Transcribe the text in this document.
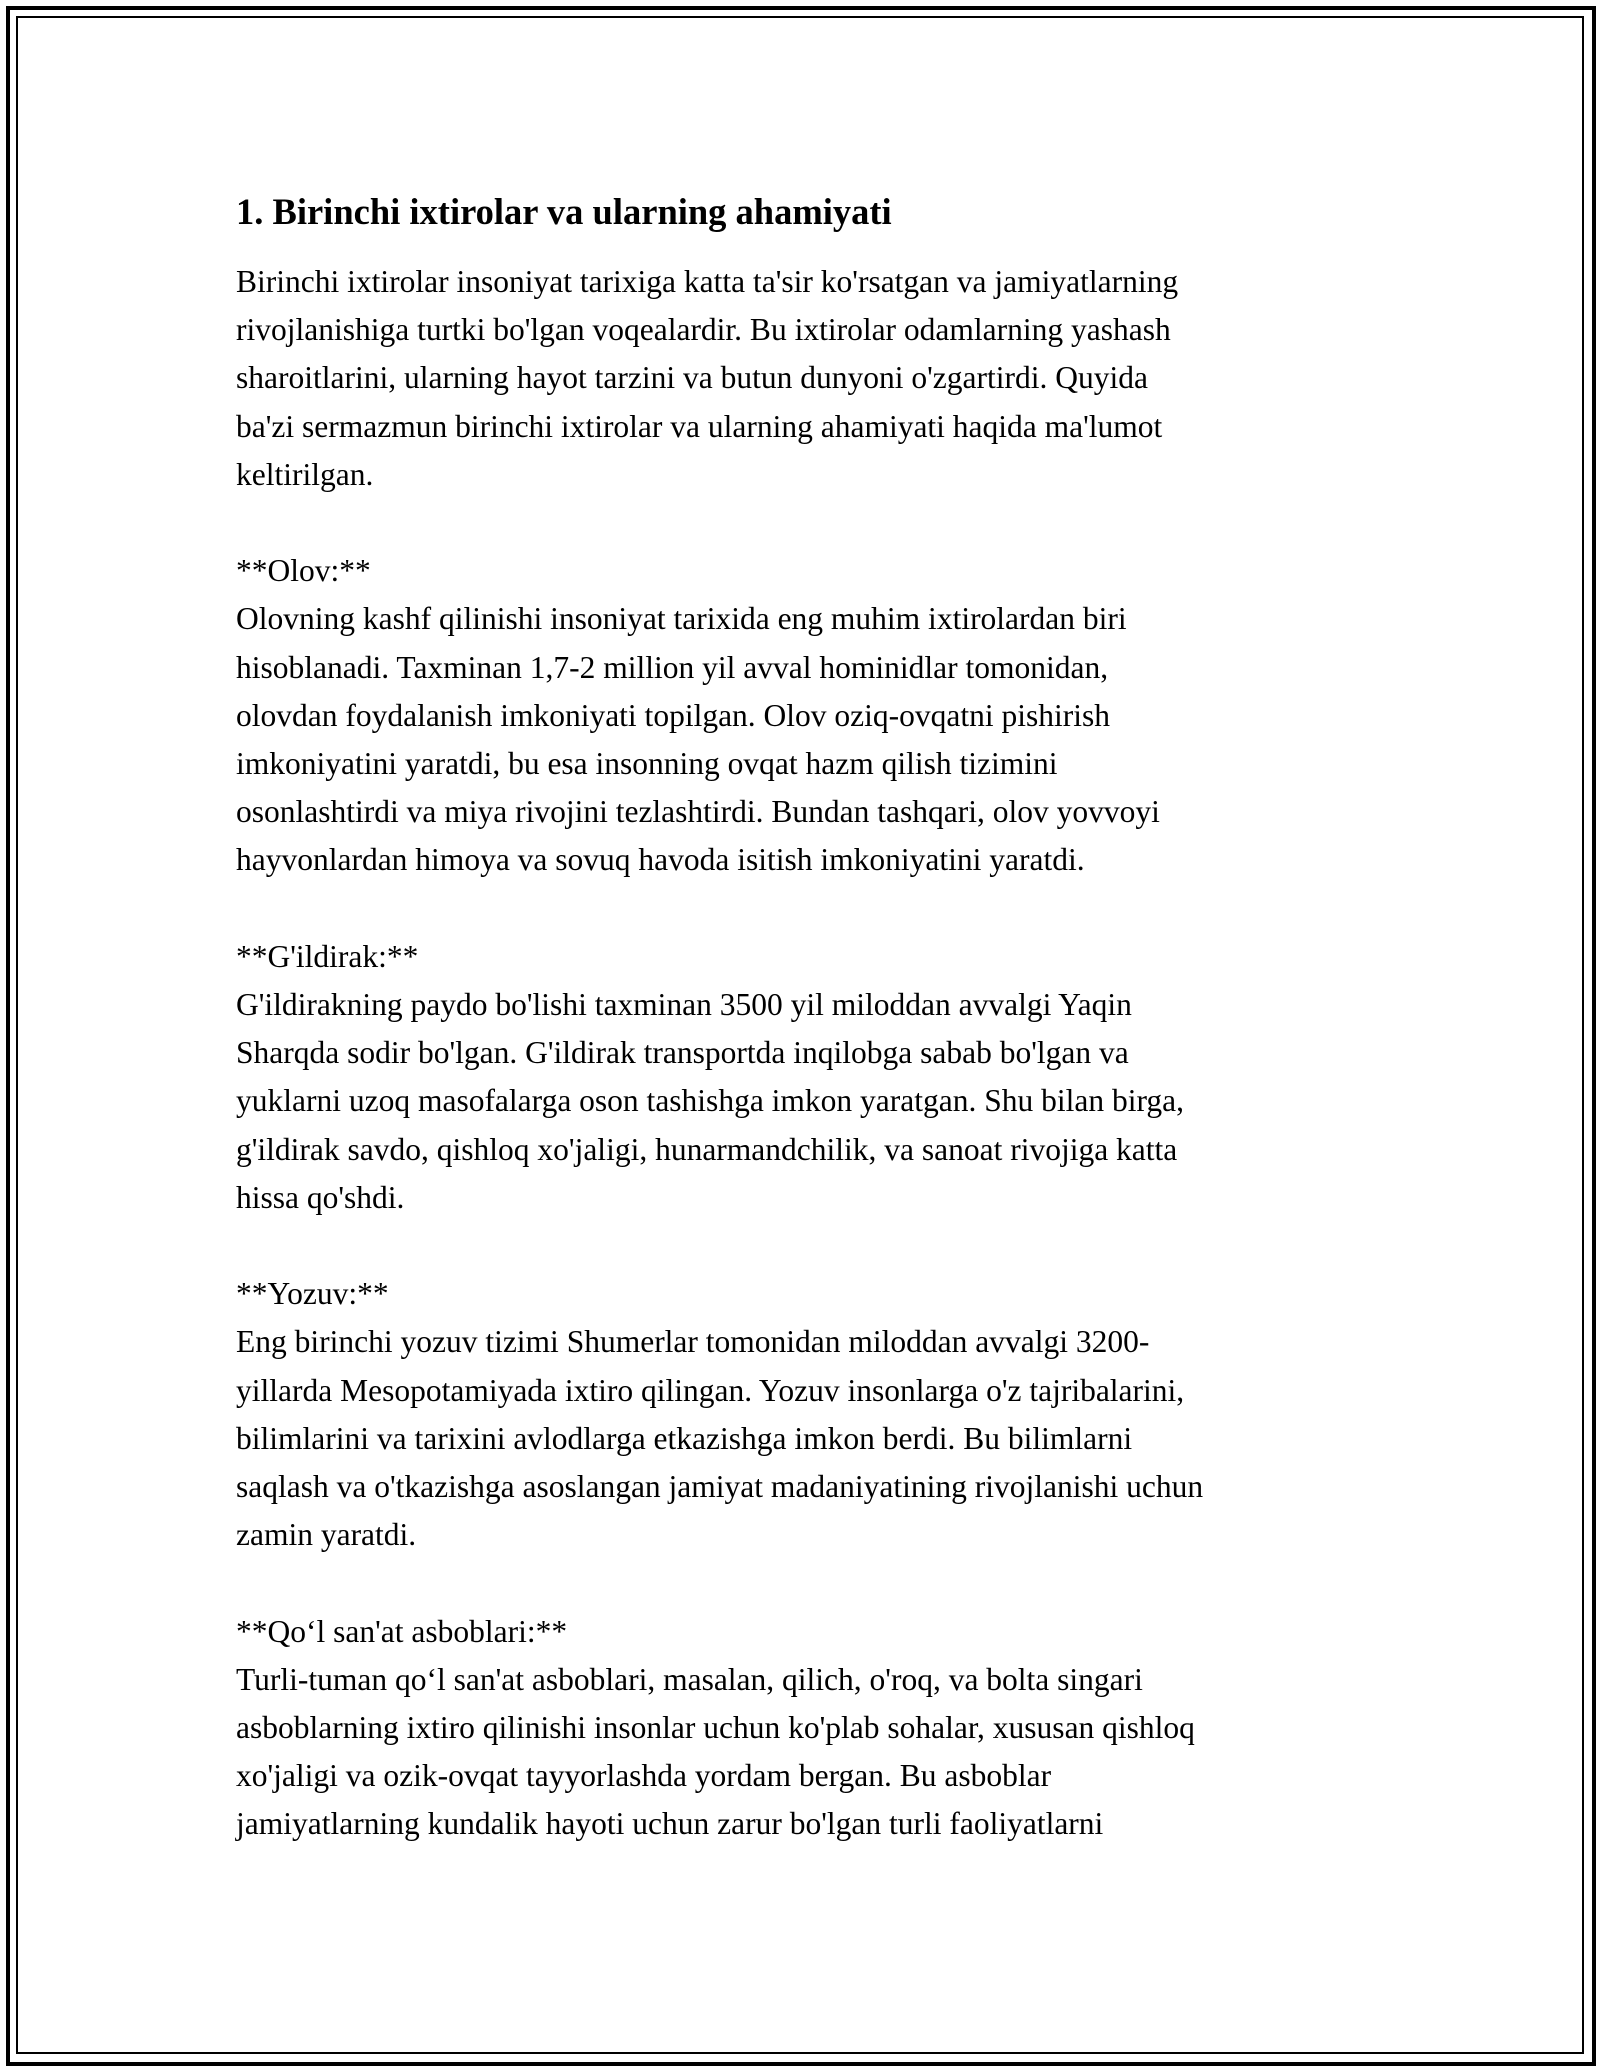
1. Birinchi ixtirolar va ularning ahamiyati

Birinchi ixtirolar insoniyat tarixiga katta ta'sir ko'rsatgan va jamiyatlarning
rivojlanishiga turtki bo'lgan voqealardir. Bu ixtirolar odamlarning yashash
sharoitlarini, ularning hayot tarzini va butun dunyoni o'zgartirdi. Quyida
ba'zi sermazmun birinchi ixtirolar va ularning ahamiyati haqida ma'lumot
keltirilgan.

**Olov:**

Olovning kashf qilinishi insoniyat tarixida eng muhim ixtirolardan biri
hisoblanadi. Taxminan 1,7-2 million yil avval hominidlar tomonidan,
olovdan foydalanish imkoniyati topilgan. Olov oziq-ovqatni pishirish
imkoniyatini yaratdi, bu esa insonning ovqat hazm qilish tizimini
osonlashtirdi va miya rivojini tezlashtirdi. Bundan tashqari, olov yovvoyi
hayvonlardan himoya va sovuq havoda isitish imkoniyatini yaratdi.

**G'ildirak:**

G'ildirakning paydo bo'lishi taxminan 3500 yil miloddan avvalgi Yaqin
Sharqda sodir bo'lgan. G'ildirak transportda inqilobga sabab bo'lgan va
yuklarni uzoq masofalarga oson tashishga imkon yaratgan. Shu bilan birga,
g'ildirak savdo, qishloq xo'jaligi, hunarmandchilik, va sanoat rivojiga katta
hissa qo'shdi.

**Yozuv:**

Eng birinchi yozuv tizimi Shumerlar tomonidan miloddan avvalgi 3200-
yillarda Mesopotamiyada ixtiro qilingan. Yozuv insonlarga o'z tajribalarini,
bilimlarini va tarixini avlodlarga etkazishga imkon berdi. Bu bilimlarni
saqlash va o'tkazishga asoslangan jamiyat madaniyatining rivojlanishi uchun
zamin yaratdi.

**Qo‘l san'at asboblari:**

Turli-tuman qo‘l san'at asboblari, masalan, qilich, o'roq, va bolta singari
asboblarning ixtiro qilinishi insonlar uchun ko'plab sohalar, xususan qishloq
xo'jaligi va ozik-ovqat tayyorlashda yordam bergan. Bu asboblar
jamiyatlarning kundalik hayoti uchun zarur bo'lgan turli faoliyatlarni
